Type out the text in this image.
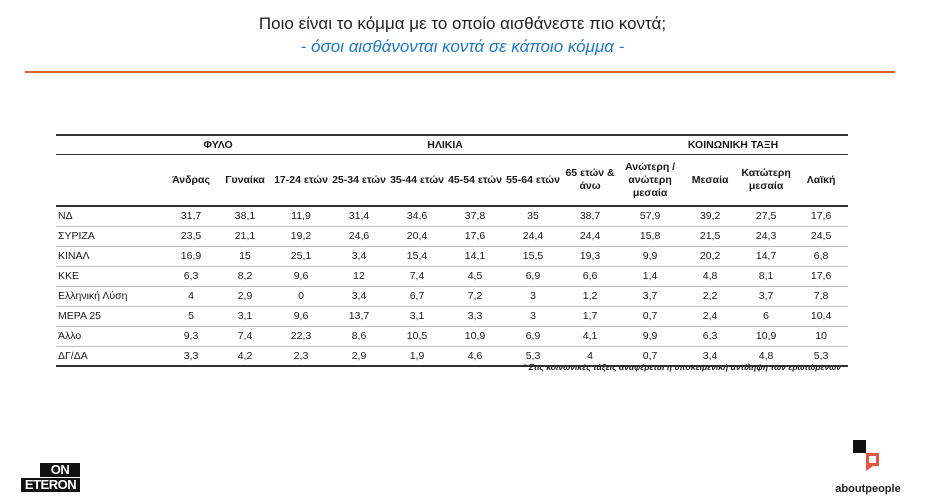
Ποιο είναι το κόμμα με το οποίο αισθάνεστε πιο κοντά;
- όσοι αισθάνονται κοντά σε κάποιο κόμμα -
	ΦΥΛΟ		ΗΛΙΚΙΑ						ΚΟΙΝΩΝΙΚΗ ΤΑΞΗ			
	Άνδρας	Γυναίκα	17-24 ετών	25-34 ετών	35-44 ετών	45-54 ετών	55-64 ετών	65 ετών & άνω	Ανώτερη / ανώτερη μεσαία	Μεσαία	Κατώτερη μεσαία	Λαϊκή
ΝΔ	31,7	38,1	11,9	31,4	34,6	37,8	35	38,7	57,9	39,2	27,5	17,6
ΣΥΡΙΖΑ	23,5	21,1	19,2	24,6	20,4	17,6	24,4	24,4	15,8	21,5	24,3	24,5
ΚΙΝΑΛ	16,9	15	25,1	3,4	15,4	14,1	15,5	19,3	9,9	20,2	14,7	6,8
ΚΚΕ	6,3	8,2	9,6	12	7,4	4,5	6,9	6,6	1,4	4,8	8,1	17,6
Ελληνική Λύση	4	2,9	0	3,4	6,7	7,2	3	1,2	3,7	2,2	3,7	7,8
ΜΕΡΑ 25	5	3,1	9,6	13,7	3,1	3,3	3	1,7	0,7	2,4	6	10,4
Άλλο	9,3	7,4	22,3	8,6	10,5	10,9	6,9	4,1	9,9	6,3	10,9	10
ΔΓ/ΔΑ	3,3	4,2	2,3	2,9	1,9	4,6	5,3	4	0,7	3,4	4,8	5,3
* Στις κοινωνικές τάξεις αναφέρεται η υποκειμενική αντίληψη των ερωτώμενων
ON
ETERON	aboutpeople
